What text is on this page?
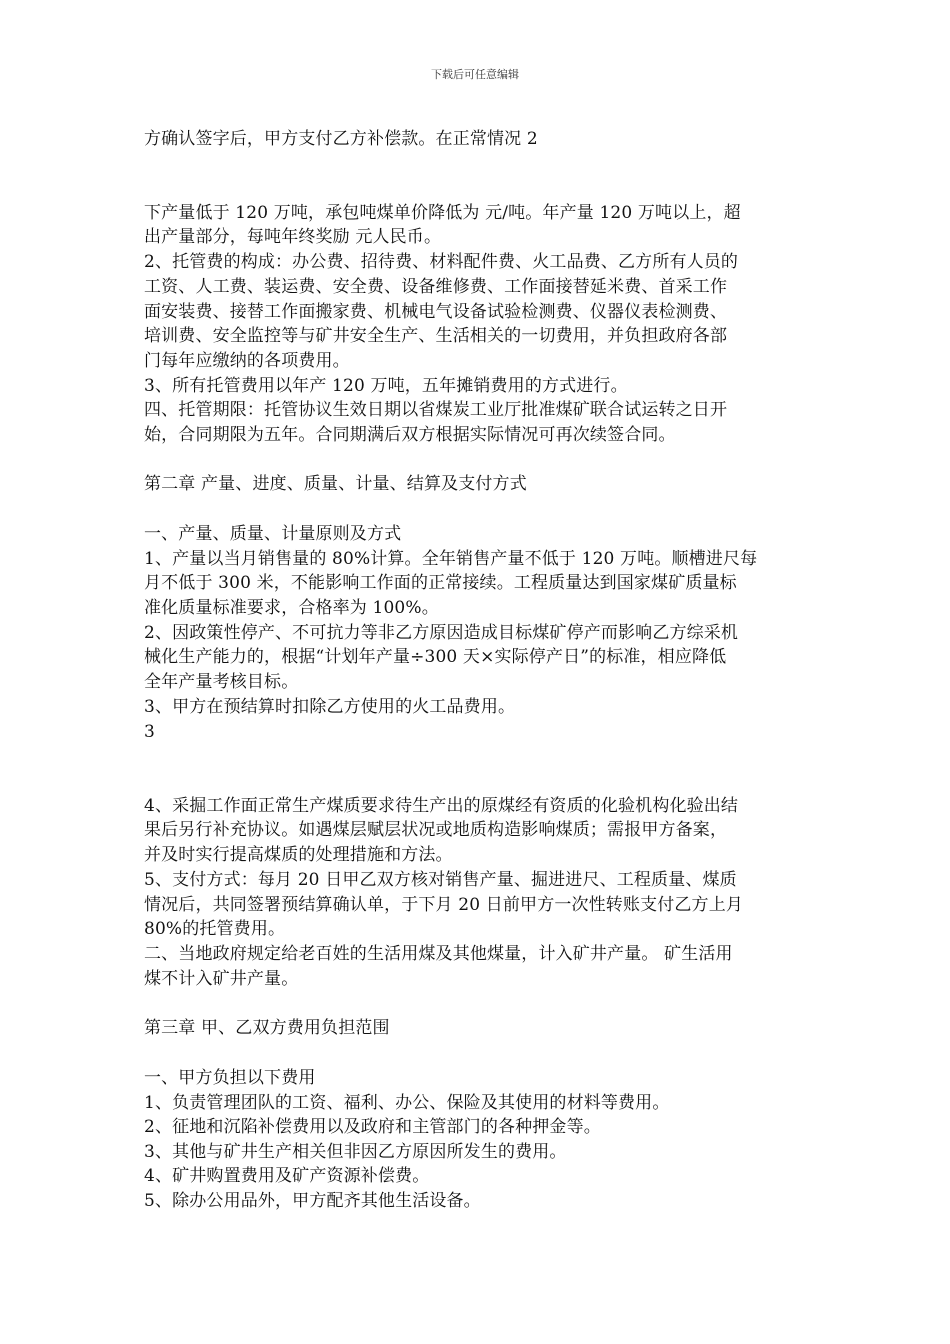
下载后可任意编辑
方确认签字后，甲方支付乙方补偿款。在正常情况 2
下产量低于 120 万吨，承包吨煤单价降低为 元/吨。年产量 120 万吨以上，超
出产量部分，每吨年终奖励 元人民币。
2、托管费的构成：办公费、招待费、材料配件费、火工品费、乙方所有人员的
工资、人工费、装运费、安全费、设备维修费、工作面接替延米费、首采工作
面安装费、接替工作面搬家费、机械电气设备试验检测费、仪器仪表检测费、
培训费、安全监控等与矿井安全生产、生活相关的一切费用，并负担政府各部
门每年应缴纳的各项费用。
3、所有托管费用以年产 120 万吨，五年摊销费用的方式进行。
四、托管期限：托管协议生效日期以省煤炭工业厅批准煤矿联合试运转之日开
始，合同期限为五年。合同期满后双方根据实际情况可再次续签合同。
第二章 产量、进度、质量、计量、结算及支付方式
一、产量、质量、计量原则及方式
1、产量以当月销售量的 80%计算。全年销售产量不低于 120 万吨。顺槽进尺每
月不低于 300 米，不能影响工作面的正常接续。工程质量达到国家煤矿质量标
准化质量标准要求，合格率为 100%。
2、因政策性停产、不可抗力等非乙方原因造成目标煤矿停产而影响乙方综采机
械化生产能力的，根据“计划年产量÷300 天×实际停产日”的标准，相应降低
全年产量考核目标。
3、甲方在预结算时扣除乙方使用的火工品费用。
3
4、采掘工作面正常生产煤质要求待生产出的原煤经有资质的化验机构化验出结
果后另行补充协议。如遇煤层赋层状况或地质构造影响煤质；需报甲方备案，
并及时实行提高煤质的处理措施和方法。
5、支付方式：每月 20 日甲乙双方核对销售产量、掘进进尺、工程质量、煤质
情况后，共同签署预结算确认单，于下月 20 日前甲方一次性转账支付乙方上月
80%的托管费用。
二、当地政府规定给老百姓的生活用煤及其他煤量，计入矿井产量。 矿生活用
煤不计入矿井产量。
第三章 甲、乙双方费用负担范围
一、甲方负担以下费用
1、负责管理团队的工资、福利、办公、保险及其使用的材料等费用。
2、征地和沉陷补偿费用以及政府和主管部门的各种押金等。
3、其他与矿井生产相关但非因乙方原因所发生的费用。
4、矿井购置费用及矿产资源补偿费。
5、除办公用品外，甲方配齐其他生活设备。
